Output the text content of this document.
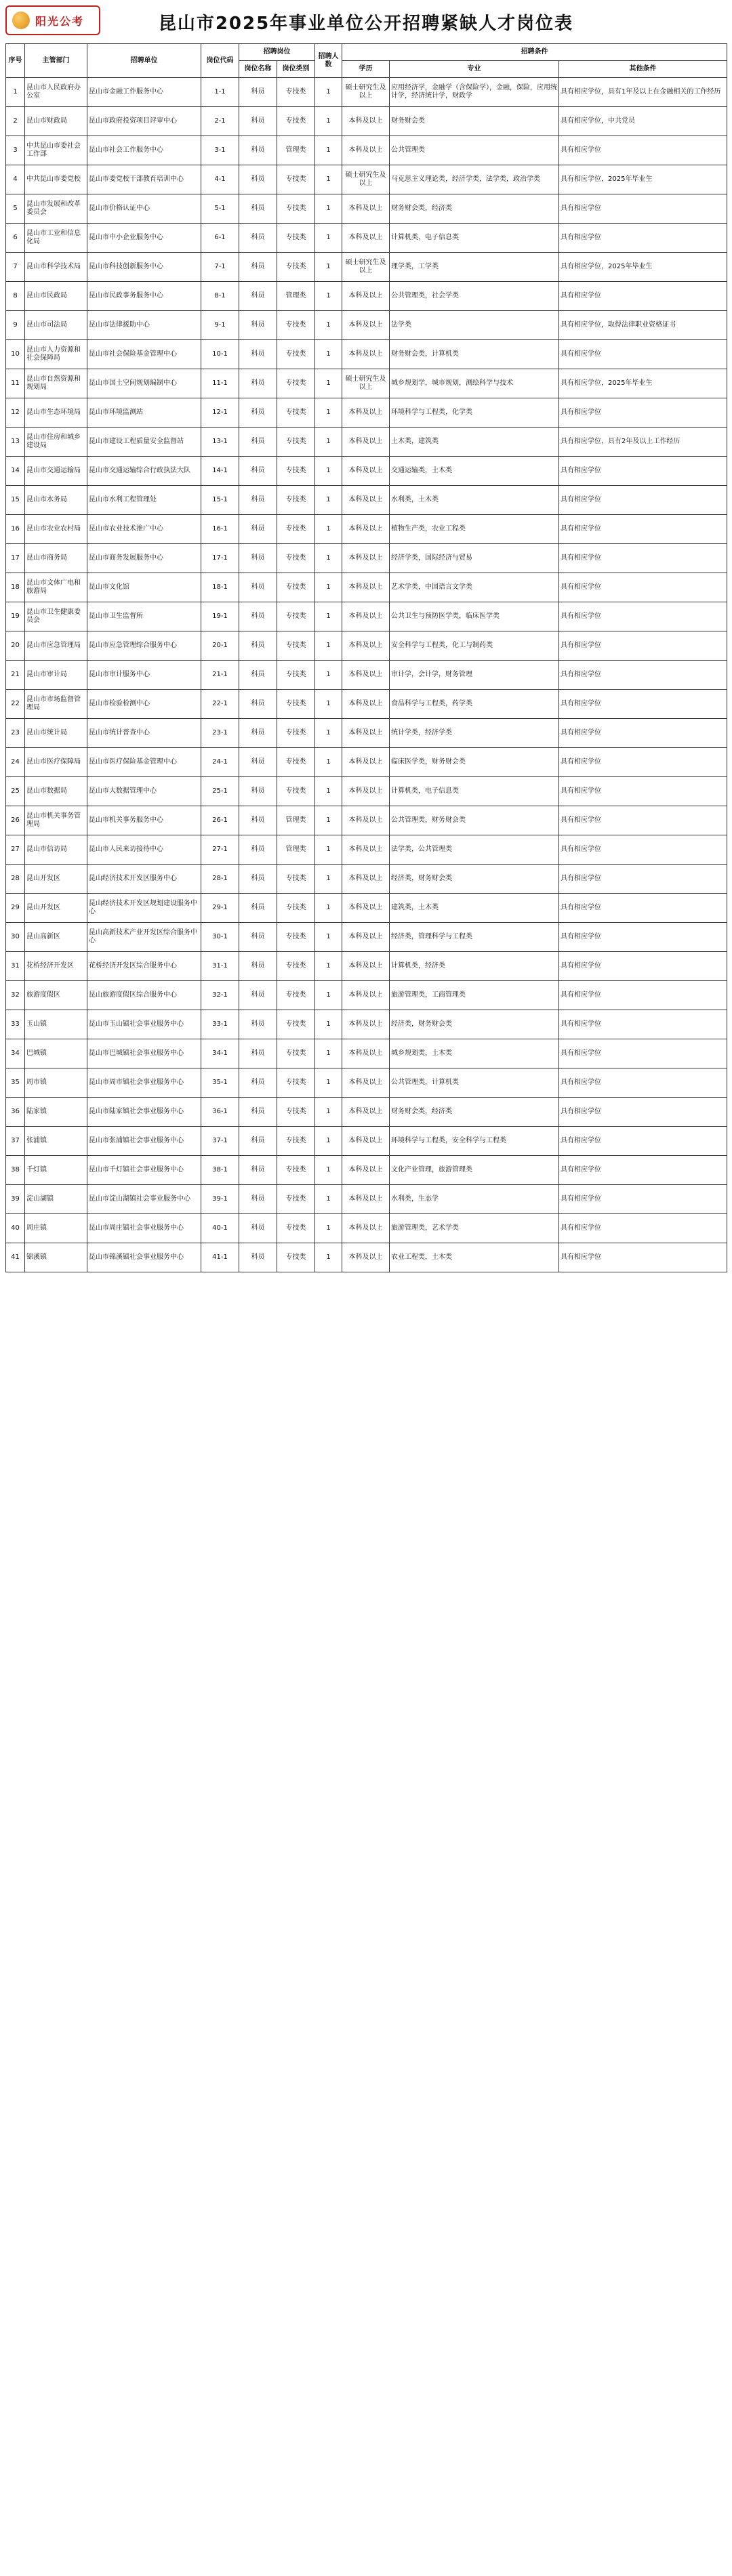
阳光公考	昆山市2025年事业单位公开招聘紧缺人才岗位表
序号	主管部门	招聘单位	岗位代码	招聘岗位		招聘人数	招聘条件		
				岗位名称	岗位类别		学历	专业	其他条件
1	昆山市人民政府办公室	昆山市金融工作服务中心	1-1	科员	专技类	1	硕士研究生及以上	应用经济学，金融学（含保险学），金融，保险，应用统计学，经济统计学，财政学	具有相应学位，具有1年及以上在金融相关的工作经历
2	昆山市财政局	昆山市政府投资项目评审中心	2-1	科员	专技类	1	本科及以上	财务财会类	具有相应学位，中共党员
3	中共昆山市委社会工作部	昆山市社会工作服务中心	3-1	科员	管理类	1	本科及以上	公共管理类	具有相应学位
4	中共昆山市委党校	昆山市委党校干部教育培训中心	4-1	科员	专技类	1	硕士研究生及以上	马克思主义理论类，经济学类，法学类，政治学类	具有相应学位，2025年毕业生
5	昆山市发展和改革委员会	昆山市价格认证中心	5-1	科员	专技类	1	本科及以上	财务财会类，经济类	具有相应学位
6	昆山市工业和信息化局	昆山市中小企业服务中心	6-1	科员	专技类	1	本科及以上	计算机类，电子信息类	具有相应学位
7	昆山市科学技术局	昆山市科技创新服务中心	7-1	科员	专技类	1	硕士研究生及以上	理学类，工学类	具有相应学位，2025年毕业生
8	昆山市民政局	昆山市民政事务服务中心	8-1	科员	管理类	1	本科及以上	公共管理类，社会学类	具有相应学位
9	昆山市司法局	昆山市法律援助中心	9-1	科员	专技类	1	本科及以上	法学类	具有相应学位，取得法律职业资格证书
10	昆山市人力资源和社会保障局	昆山市社会保险基金管理中心	10-1	科员	专技类	1	本科及以上	财务财会类，计算机类	具有相应学位
11	昆山市自然资源和规划局	昆山市国土空间规划编制中心	11-1	科员	专技类	1	硕士研究生及以上	城乡规划学，城市规划，测绘科学与技术	具有相应学位，2025年毕业生
12	昆山市生态环境局	昆山市环境监测站	12-1	科员	专技类	1	本科及以上	环境科学与工程类，化学类	具有相应学位
13	昆山市住房和城乡建设局	昆山市建设工程质量安全监督站	13-1	科员	专技类	1	本科及以上	土木类，建筑类	具有相应学位，具有2年及以上工作经历
14	昆山市交通运输局	昆山市交通运输综合行政执法大队	14-1	科员	专技类	1	本科及以上	交通运输类，土木类	具有相应学位
15	昆山市水务局	昆山市水利工程管理处	15-1	科员	专技类	1	本科及以上	水利类，土木类	具有相应学位
16	昆山市农业农村局	昆山市农业技术推广中心	16-1	科员	专技类	1	本科及以上	植物生产类，农业工程类	具有相应学位
17	昆山市商务局	昆山市商务发展服务中心	17-1	科员	专技类	1	本科及以上	经济学类，国际经济与贸易	具有相应学位
18	昆山市文体广电和旅游局	昆山市文化馆	18-1	科员	专技类	1	本科及以上	艺术学类，中国语言文学类	具有相应学位
19	昆山市卫生健康委员会	昆山市卫生监督所	19-1	科员	专技类	1	本科及以上	公共卫生与预防医学类，临床医学类	具有相应学位
20	昆山市应急管理局	昆山市应急管理综合服务中心	20-1	科员	专技类	1	本科及以上	安全科学与工程类，化工与制药类	具有相应学位
21	昆山市审计局	昆山市审计服务中心	21-1	科员	专技类	1	本科及以上	审计学，会计学，财务管理	具有相应学位
22	昆山市市场监督管理局	昆山市检验检测中心	22-1	科员	专技类	1	本科及以上	食品科学与工程类，药学类	具有相应学位
23	昆山市统计局	昆山市统计普查中心	23-1	科员	专技类	1	本科及以上	统计学类，经济学类	具有相应学位
24	昆山市医疗保障局	昆山市医疗保险基金管理中心	24-1	科员	专技类	1	本科及以上	临床医学类，财务财会类	具有相应学位
25	昆山市数据局	昆山市大数据管理中心	25-1	科员	专技类	1	本科及以上	计算机类，电子信息类	具有相应学位
26	昆山市机关事务管理局	昆山市机关事务服务中心	26-1	科员	管理类	1	本科及以上	公共管理类，财务财会类	具有相应学位
27	昆山市信访局	昆山市人民来访接待中心	27-1	科员	管理类	1	本科及以上	法学类，公共管理类	具有相应学位
28	昆山开发区	昆山经济技术开发区服务中心	28-1	科员	专技类	1	本科及以上	经济类，财务财会类	具有相应学位
29	昆山开发区	昆山经济技术开发区规划建设服务中心	29-1	科员	专技类	1	本科及以上	建筑类，土木类	具有相应学位
30	昆山高新区	昆山高新技术产业开发区综合服务中心	30-1	科员	专技类	1	本科及以上	经济类，管理科学与工程类	具有相应学位
31	花桥经济开发区	花桥经济开发区综合服务中心	31-1	科员	专技类	1	本科及以上	计算机类，经济类	具有相应学位
32	旅游度假区	昆山旅游度假区综合服务中心	32-1	科员	专技类	1	本科及以上	旅游管理类，工商管理类	具有相应学位
33	玉山镇	昆山市玉山镇社会事业服务中心	33-1	科员	专技类	1	本科及以上	经济类，财务财会类	具有相应学位
34	巴城镇	昆山市巴城镇社会事业服务中心	34-1	科员	专技类	1	本科及以上	城乡规划类，土木类	具有相应学位
35	周市镇	昆山市周市镇社会事业服务中心	35-1	科员	专技类	1	本科及以上	公共管理类，计算机类	具有相应学位
36	陆家镇	昆山市陆家镇社会事业服务中心	36-1	科员	专技类	1	本科及以上	财务财会类，经济类	具有相应学位
37	张浦镇	昆山市张浦镇社会事业服务中心	37-1	科员	专技类	1	本科及以上	环境科学与工程类，安全科学与工程类	具有相应学位
38	千灯镇	昆山市千灯镇社会事业服务中心	38-1	科员	专技类	1	本科及以上	文化产业管理，旅游管理类	具有相应学位
39	淀山湖镇	昆山市淀山湖镇社会事业服务中心	39-1	科员	专技类	1	本科及以上	水利类，生态学	具有相应学位
40	周庄镇	昆山市周庄镇社会事业服务中心	40-1	科员	专技类	1	本科及以上	旅游管理类，艺术学类	具有相应学位
41	锦溪镇	昆山市锦溪镇社会事业服务中心	41-1	科员	专技类	1	本科及以上	农业工程类，土木类	具有相应学位
